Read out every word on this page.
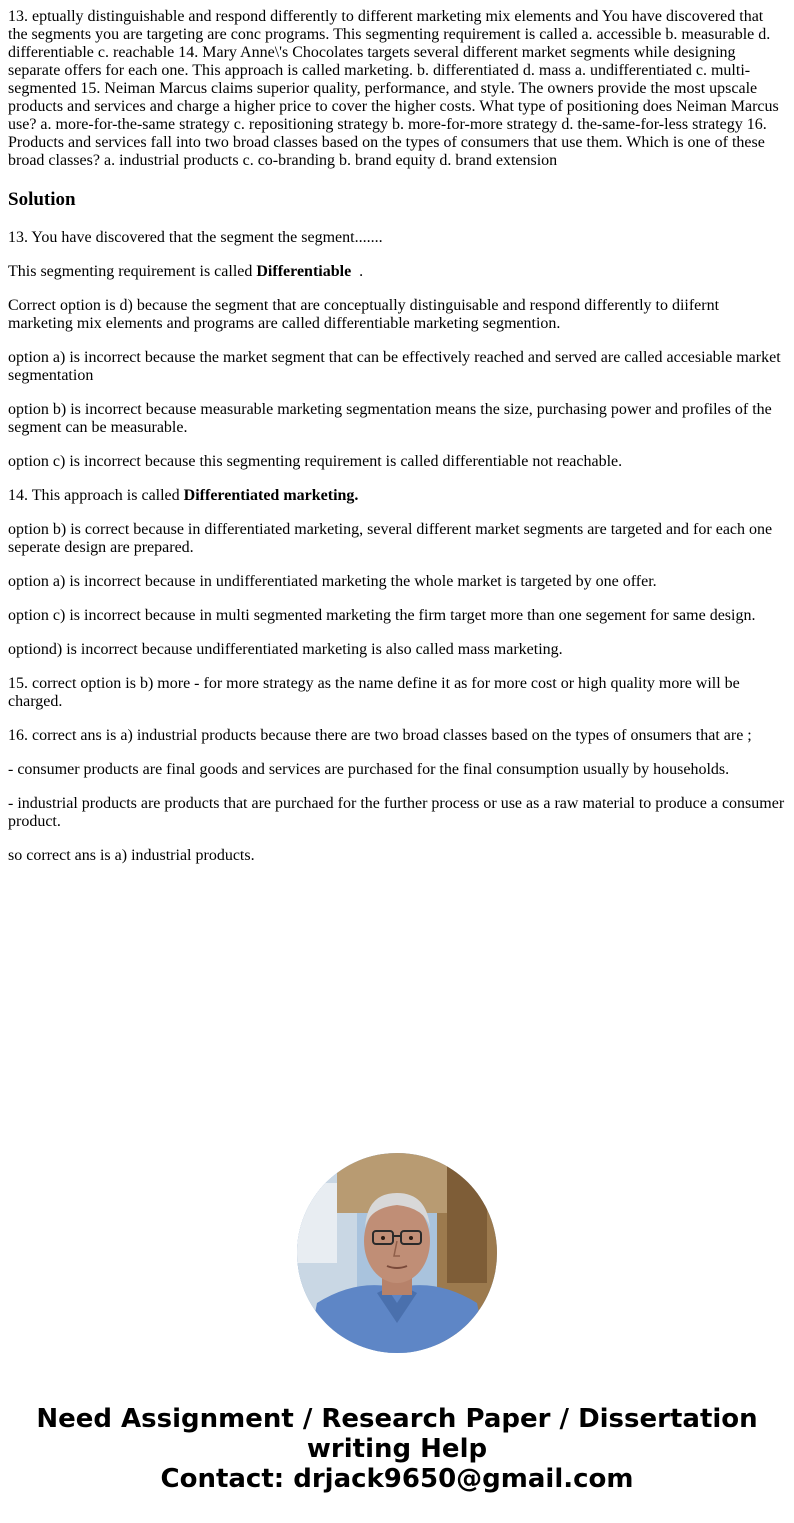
13. eptually distinguishable and respond differently to different marketing mix elements and You have discovered that the segments you are targeting are conc programs. This segmenting requirement is called a. accessible b. measurable d. differentiable c. reachable 14. Mary Anne\'s Chocolates targets several different market segments while designing separate offers for each one. This approach is called marketing. b. differentiated d. mass a. undifferentiated c. multi-segmented 15. Neiman Marcus claims superior quality, performance, and style. The owners provide the most upscale products and services and charge a higher price to cover the higher costs. What type of positioning does Neiman Marcus use? a. more-for-the-same strategy c. repositioning strategy b. more-for-more strategy d. the-same-for-less strategy 16. Products and services fall into two broad classes based on the types of consumers that use them. Which is one of these broad classes? a. industrial products c. co-branding b. brand equity d. brand extension
Solution

13. You have discovered that the segment the segment.......

This segmenting requirement is called Differentiable  .

Correct option is d) because the segment that are conceptually distinguisable and respond differently to diifernt marketing mix elements and programs are called differentiable marketing segmention.

option a) is incorrect because the market segment that can be effectively reached and served are called accesiable market segmentation

option b) is incorrect because measurable marketing segmentation means the size, purchasing power and profiles of the segment can be measurable.

option c) is incorrect because this segmenting requirement is called differentiable not reachable.

14. This approach is called Differentiated marketing.

option b) is correct because in differentiated marketing, several different market segments are targeted and for each one seperate design are prepared.

option a) is incorrect because in undifferentiated marketing the whole market is targeted by one offer.

option c) is incorrect because in multi segmented marketing the firm target more than one segement for same design.

optiond) is incorrect because undifferentiated marketing is also called mass marketing.

15. correct option is b) more - for more strategy as the name define it as for more cost or high quality more will be charged.

16. correct ans is a) industrial products because there are two broad classes based on the types of onsumers that are ;

- consumer products are final goods and services are purchased for the final consumption usually by households.

- industrial products are products that are purchaed for the further process or use as a raw material to produce a consumer product.

so correct ans is a) industrial products.

Need Assignment / Research Paper / Dissertation
writing Help
Contact: drjack9650@gmail.com
